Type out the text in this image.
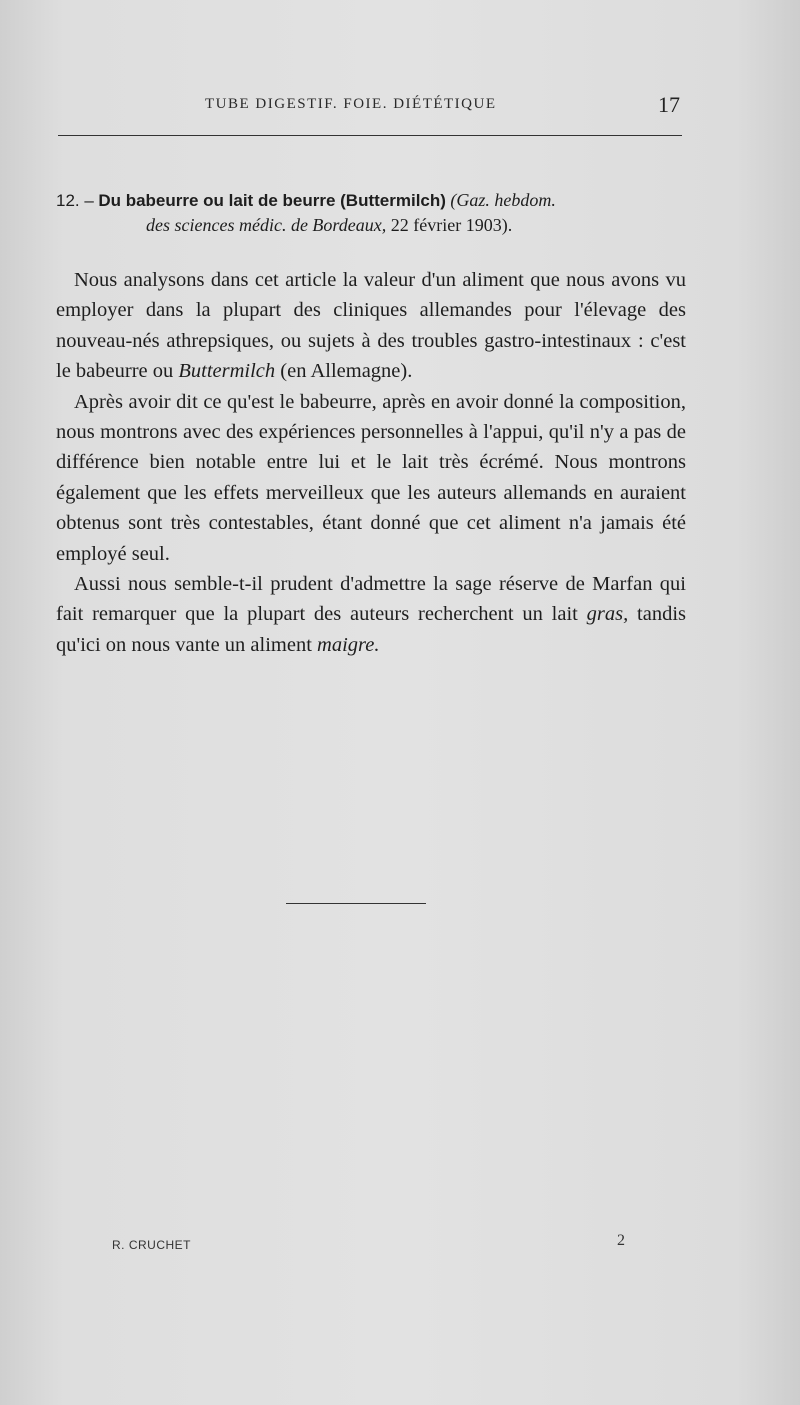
TUBE DIGESTIF. FOIE. DIÉTÉTIQUE	17
12. – Du babeurre ou lait de beurre (Buttermilch) (Gaz. hebdom.
des sciences médic. de Bordeaux, 22 février 1903).

Nous analysons dans cet article la valeur d'un aliment que nous avons vu employer dans la plupart des cliniques allemandes pour l'élevage des nouveau-nés athrepsiques, ou sujets à des troubles gastro-intestinaux : c'est le babeurre ou Buttermilch (en Allemagne).

Après avoir dit ce qu'est le babeurre, après en avoir donné la composition, nous montrons avec des expériences personnelles à l'appui, qu'il n'y a pas de différence bien notable entre lui et le lait très écrémé. Nous montrons également que les effets merveilleux que les auteurs allemands en auraient obtenus sont très contestables, étant donné que cet aliment n'a jamais été employé seul.

Aussi nous semble-t-il prudent d'admettre la sage réserve de Marfan qui fait remarquer que la plupart des auteurs recherchent un lait gras, tandis qu'ici on nous vante un aliment maigre.

R. CRUCHET	2
